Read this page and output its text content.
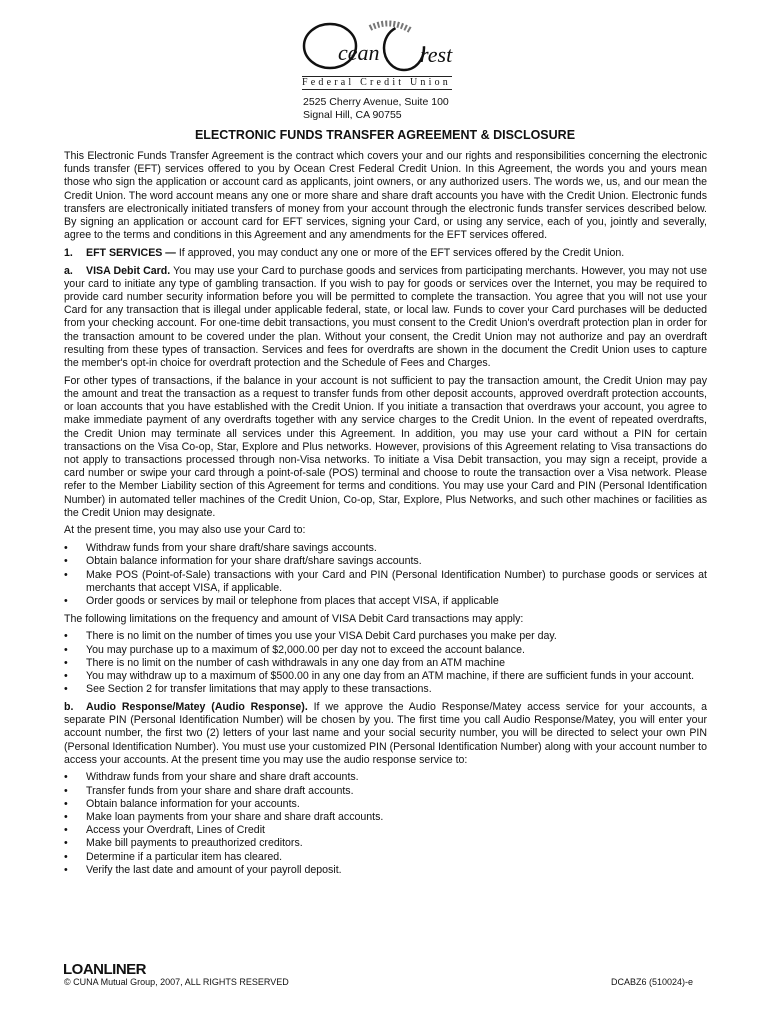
cean rest
Federal Credit Union
2525 Cherry Avenue, Suite 100
Signal Hill, CA 90755
ELECTRONIC FUNDS TRANSFER AGREEMENT & DISCLOSURE

This Electronic Funds Transfer Agreement is the contract which covers your and our rights and responsibilities concerning the electronic funds transfer (EFT) services offered to you by Ocean Crest Federal Credit Union. In this Agreement, the words you and yours mean those who sign the application or account card as applicants, joint owners, or any authorized users. The words we, us, and our mean the Credit Union. The word account means any one or more share and share draft accounts you have with the Credit Union. Electronic funds transfers are electronically initiated transfers of money from your account through the electronic funds transfer services described below. By signing an application or account card for EFT services, signing your Card, or using any service, each of you, jointly and severally, agree to the terms and conditions in this Agreement and any amendments for the EFT services offered.

1. EFT SERVICES — If approved, you may conduct any one or more of the EFT services offered by the Credit Union.

a. VISA Debit Card. You may use your Card to purchase goods and services from participating merchants. However, you may not use your card to initiate any type of gambling transaction. If you wish to pay for goods or services over the Internet, you may be required to provide card number security information before you will be permitted to complete the transaction. You agree that you will not use your Card for any transaction that is illegal under applicable federal, state, or local law. Funds to cover your Card purchases will be deducted from your checking account. For one-time debit transactions, you must consent to the Credit Union's overdraft protection plan in order for the transaction amount to be covered under the plan. Without your consent, the Credit Union may not authorize and pay an overdraft resulting from these types of transaction. Services and fees for overdrafts are shown in the document the Credit Union uses to capture the member's opt-in choice for overdraft protection and the Schedule of Fees and Charges.

For other types of transactions, if the balance in your account is not sufficient to pay the transaction amount, the Credit Union may pay the amount and treat the transaction as a request to transfer funds from other deposit accounts, approved overdraft protection accounts, or loan accounts that you have established with the Credit Union. If you initiate a transaction that overdraws your account, you agree to make immediate payment of any overdrafts together with any service charges to the Credit Union. In the event of repeated overdrafts, the Credit Union may terminate all services under this Agreement. In addition, you may use your card without a PIN for certain transactions on the Visa Co-op, Star, Explore and Plus networks. However, provisions of this Agreement relating to Visa transactions do not apply to transactions processed through non-Visa networks. To initiate a Visa Debit transaction, you may sign a receipt, provide a card number or swipe your card through a point-of-sale (POS) terminal and choose to route the transaction over a Visa network. Please refer to the Member Liability section of this Agreement for terms and conditions. You may use your Card and PIN (Personal Identification Number) in automated teller machines of the Credit Union, Co-op, Star, Explore, Plus Networks, and such other machines or facilities as the Credit Union may designate.

At the present time, you may also use your Card to:

• Withdraw funds from your share draft/share savings accounts.
• Obtain balance information for your share draft/share savings accounts.
• Make POS (Point-of-Sale) transactions with your Card and PIN (Personal Identification Number) to purchase goods or services at merchants that accept VISA, if applicable.
• Order goods or services by mail or telephone from places that accept VISA, if applicable

The following limitations on the frequency and amount of VISA Debit Card transactions may apply:

• There is no limit on the number of times you use your VISA Debit Card purchases you make per day.
• You may purchase up to a maximum of $2,000.00 per day not to exceed the account balance.
• There is no limit on the number of cash withdrawals in any one day from an ATM machine
• You may withdraw up to a maximum of $500.00 in any one day from an ATM machine, if there are sufficient funds in your account.
• See Section 2 for transfer limitations that may apply to these transactions.

b. Audio Response/Matey (Audio Response). If we approve the Audio Response/Matey access service for your accounts, a separate PIN (Personal Identification Number) will be chosen by you. The first time you call Audio Response/Matey, you will enter your account number, the first two (2) letters of your last name and your social security number, you will be directed to select your own PIN (Personal Identification Number). You must use your customized PIN (Personal Identification Number) along with your account number to access your accounts. At the present time you may use the audio response service to:

• Withdraw funds from your share and share draft accounts.
• Transfer funds from your share and share draft accounts.
• Obtain balance information for your accounts.
• Make loan payments from your share and share draft accounts.
• Access your Overdraft, Lines of Credit
• Make bill payments to preauthorized creditors.
• Determine if a particular item has cleared.
• Verify the last date and amount of your payroll deposit.
LOANLINER
© CUNA Mutual Group, 2007, ALL RIGHTS RESERVED	DCABZ6 (510024)-e
